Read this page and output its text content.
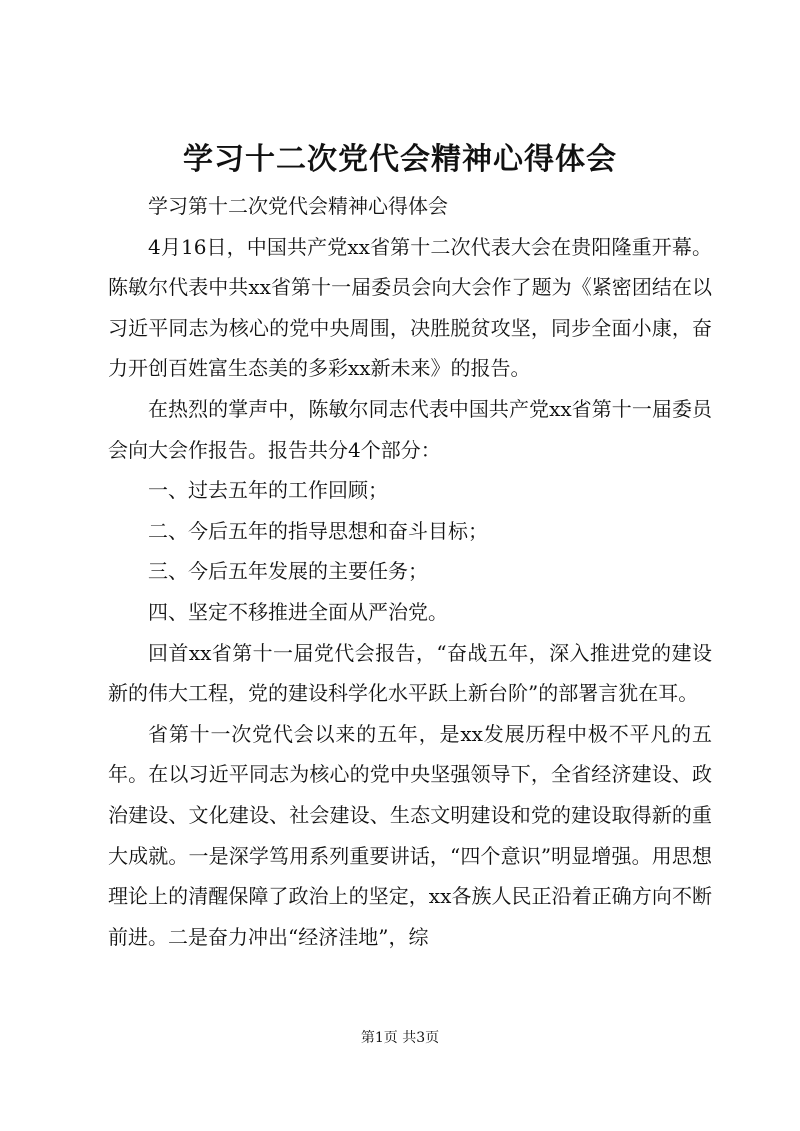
学习十二次党代会精神心得体会

学习第十二次党代会精神心得体会

4月16日，中国共产党xx省第十二次代表大会在贵阳隆重开幕。陈敏尔代表中共xx省第十一届委员会向大会作了题为《紧密团结在以习近平同志为核心的党中央周围，决胜脱贫攻坚，同步全面小康，奋力开创百姓富生态美的多彩xx新未来》的报告。

在热烈的掌声中，陈敏尔同志代表中国共产党xx省第十一届委员会向大会作报告。报告共分4个部分：

一、过去五年的工作回顾；

二、今后五年的指导思想和奋斗目标；

三、今后五年发展的主要任务；

四、坚定不移推进全面从严治党。

回首xx省第十一届党代会报告，“奋战五年，深入推进党的建设新的伟大工程，党的建设科学化水平跃上新台阶”的部署言犹在耳。

省第十一次党代会以来的五年，是xx发展历程中极不平凡的五年。在以习近平同志为核心的党中央坚强领导下，全省经济建设、政治建设、文化建设、社会建设、生态文明建设和党的建设取得新的重大成就。一是深学笃用系列重要讲话，“四个意识”明显增强。用思想理论上的清醒保障了政治上的坚定，xx各族人民正沿着正确方向不断前进。二是奋力冲出“经济洼地”，综

第1页 共3页
